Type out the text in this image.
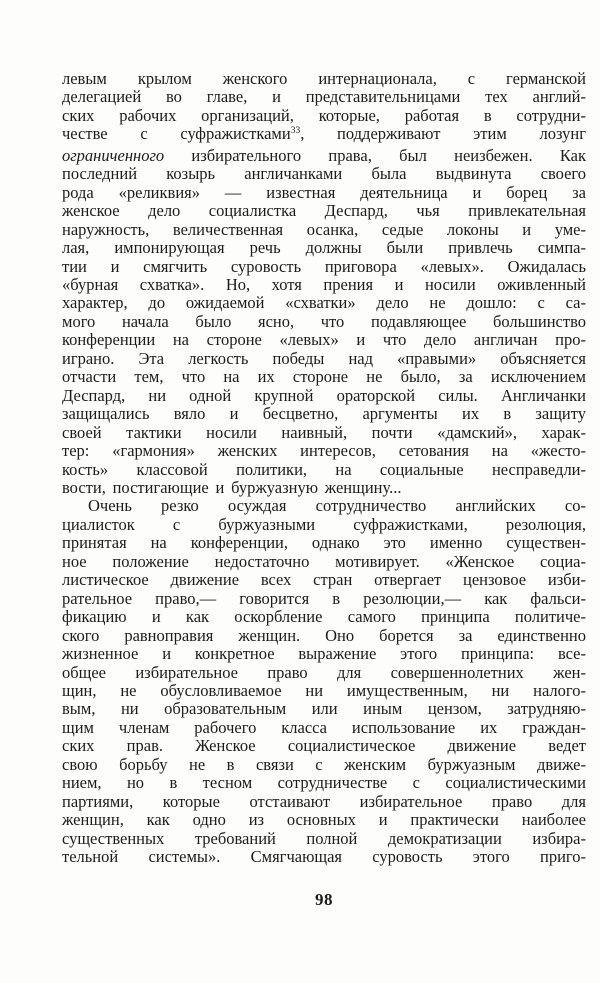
левым крылом женского интернационала, с германской
делегацией во главе, и представительницами тех англий-
ских рабочих организаций, которые, работая в сотрудни-
честве с суфражистками$^{33}$, поддерживают этим лозунг
ограниченного избирательного права, был неизбежен. Как
последний козырь англичанками была выдвинута своего
рода «реликвия» — известная деятельница и борец за
женское дело социалистка Деспард, чья привлекательная
наружность, величественная осанка, седые локоны и уме-
лая, импонирующая речь должны были привлечь симпа-
тии и смягчить суровость приговора «левых». Ожидалась
«бурная схватка». Но, хотя прения и носили оживленный
характер, до ожидаемой «схватки» дело не дошло: с са-
мого начала было ясно, что подавляющее большинство
конференции на стороне «левых» и что дело англичан про-
играно. Эта легкость победы над «правыми» объясняется
отчасти тем, что на их стороне не было, за исключением
Деспард, ни одной крупной ораторской силы. Англичанки
защищались вяло и бесцветно, аргументы их в защиту
своей тактики носили наивный, почти «дамский», харак-
тер: «гармония» женских интересов, сетования на «жесто-
кость» классовой политики, на социальные несправедли-
вости, постигающие и буржуазную женщину...
Очень резко осуждая сотрудничество английских со-
циалисток с буржуазными суфражистками, резолюция,
принятая на конференции, однако это именно существен-
ное положение недостаточно мотивирует. «Женское социа-
листическое движение всех стран отвергает цензовое изби-
рательное право,— говорится в резолюции,— как фальси-
фикацию и как оскорбление самого принципа политиче-
ского равноправия женщин. Оно борется за единственно
жизненное и конкретное выражение этого принципа: все-
общее избирательное право для совершеннолетних жен-
щин, не обусловливаемое ни имущественным, ни налого-
вым, ни образовательным или иным цензом, затрудняю-
щим членам рабочего класса использование их граждан-
ских прав. Женское социалистическое движение ведет
свою борьбу не в связи с женским буржуазным движе-
нием, но в тесном сотрудничестве с социалистическими
партиями, которые отстаивают избирательное право для
женщин, как одно из основных и практически наиболее
существенных требований полной демократизации избира-
тельной системы». Смягчающая суровость этого приго-
98
